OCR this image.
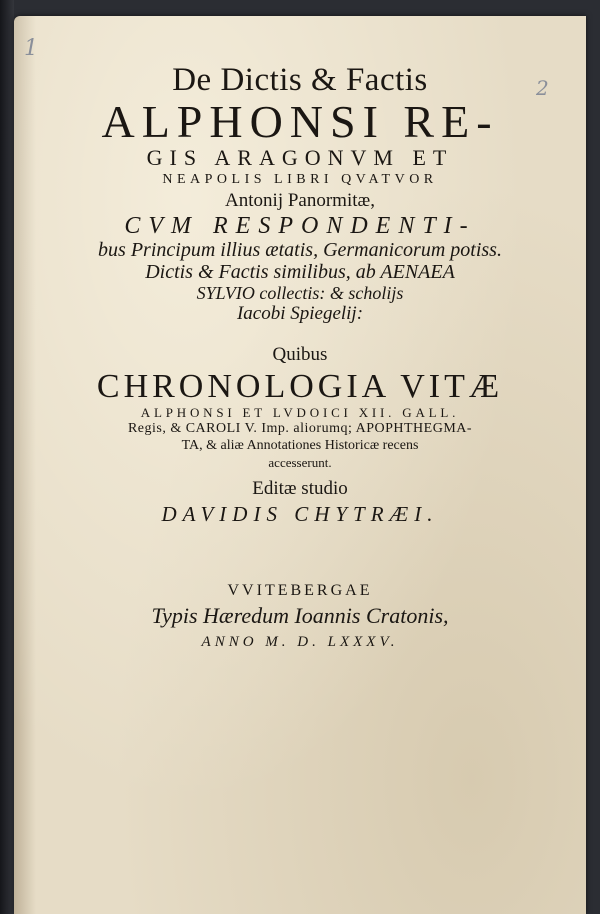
1
2

De Dictis & Factis

ALPHONSI RE-

GIS ARAGONVM ET

NEAPOLIS LIBRI QVATVOR

Antonij Panormitæ,

CVM RESPONDENTI-

bus Principum illius ætatis, Germanicorum potiss.

Dictis & Factis similibus, ab AENAEA

SYLVIO collectis: & scholijs

Iacobi Spiegelij:

Quibus

CHRONOLOGIA VITÆ

ALPHONSI ET LVDOICI XII. GALL.

Regis, & CAROLI V. Imp. aliorumq; APOPHTHEGMA-

TA, & aliæ Annotationes Historicæ recens

accesserunt.

Editæ studio

DAVIDIS CHYTRÆI.

VVITEBERGAE

Typis Hæredum Ioannis Cratonis,

ANNO M. D. LXXXV.
